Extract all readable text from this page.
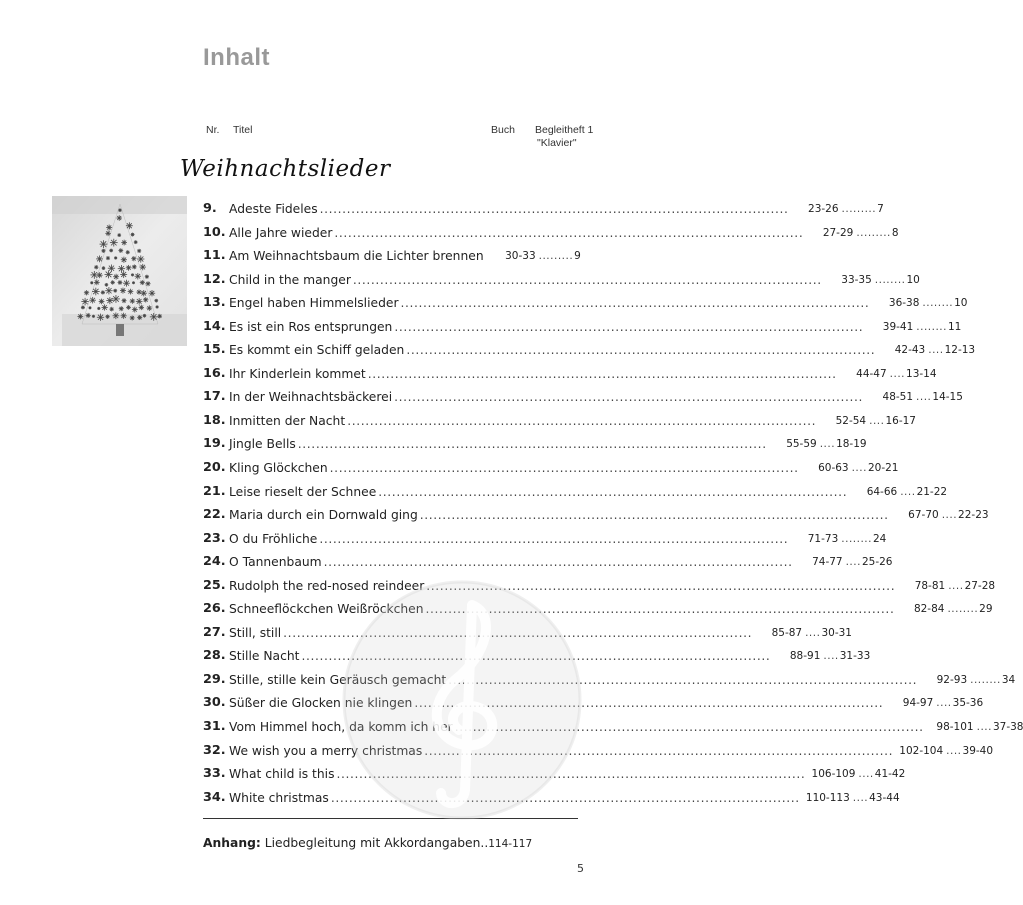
Inhalt
Nr. Titel	Buch Begleitheft 1
"Klavier"
Weihnachtslieder
9. Adeste Fideles ........................................................................................................	23-26 ......... 7
10. Alle Jahre wieder ........................................................................................................	27-29 ......... 8
11. Am Weihnachtsbaum die Lichter brennen	30-33 ......... 9
12. Child in the manger ........................................................................................................	33-35 ........ 10
13. Engel haben Himmelslieder ........................................................................................................	36-38 ........ 10
14. Es ist ein Ros entsprungen ........................................................................................................	39-41 ........ 11
15. Es kommt ein Schiff geladen ........................................................................................................	42-43 .... 12-13
16. Ihr Kinderlein kommet ........................................................................................................	44-47 .... 13-14
17. In der Weihnachtsbäckerei ........................................................................................................	48-51 .... 14-15
18. Inmitten der Nacht ........................................................................................................	52-54 .... 16-17
19. Jingle Bells ........................................................................................................	55-59 .... 18-19
20. Kling Glöckchen ........................................................................................................	60-63 .... 20-21
21. Leise rieselt der Schnee ........................................................................................................	64-66 .... 21-22
22. Maria durch ein Dornwald ging ........................................................................................................	67-70 .... 22-23
23. O du Fröhliche ........................................................................................................	71-73 ........ 24
24. O Tannenbaum ........................................................................................................	74-77 .... 25-26
25. Rudolph the red-nosed reindeer ........................................................................................................	78-81 .... 27-28
26. Schneeflöckchen Weißröckchen ........................................................................................................	82-84 ........ 29
27. Still, still ........................................................................................................	85-87 .... 30-31
28. Stille Nacht ........................................................................................................	88-91 .... 31-33
29. Stille, stille kein Geräusch gemacht ........................................................................................................	92-93 ........ 34
30. Süßer die Glocken nie klingen ........................................................................................................	94-97 .... 35-36
31. Vom Himmel hoch, da komm ich her ........................................................................................................	98-101 .... 37-38
32. We wish you a merry christmas ........................................................................................................ 102-104 .... 39-40
33. What child is this ........................................................................................................ 106-109 .... 41-42
34. White christmas ........................................................................................................ 110-113 .... 43-44
Anhang: Liedbegleitung mit Akkordangaben..114-117
5
